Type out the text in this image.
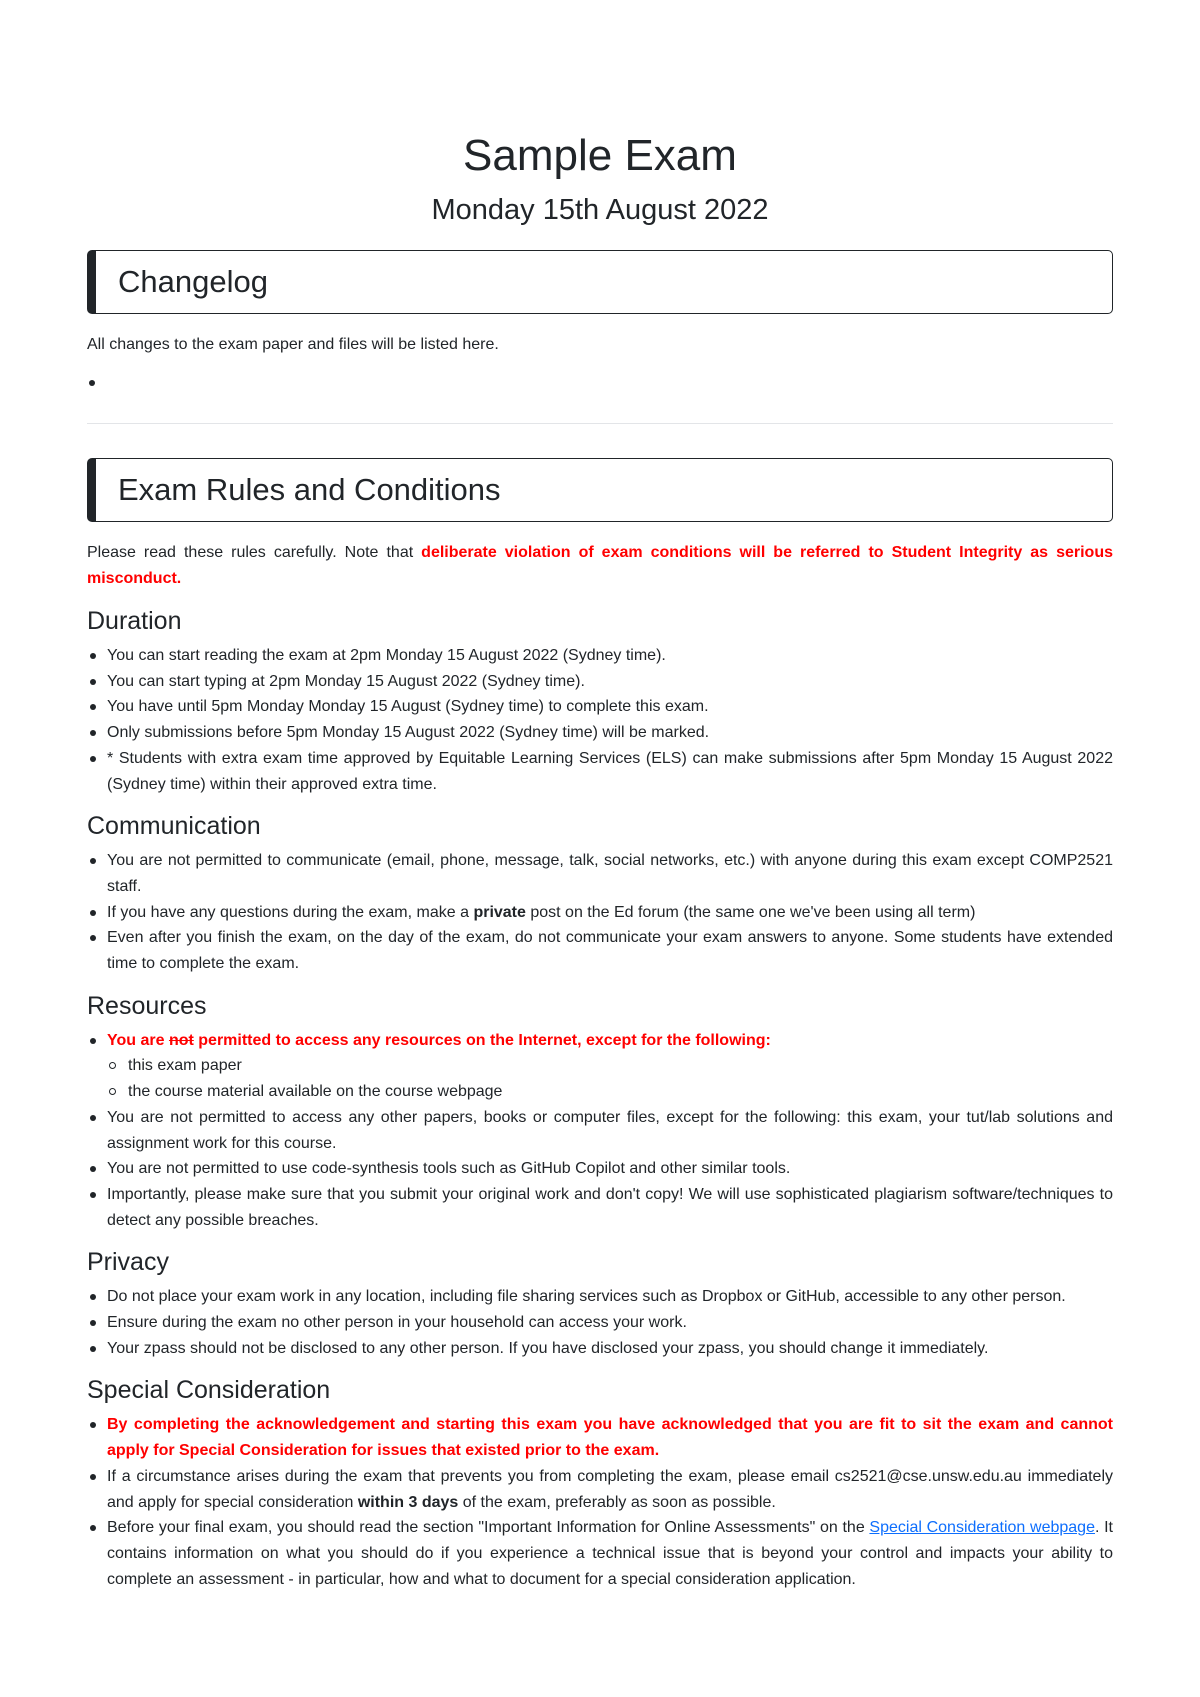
Sample Exam
Monday 15th August 2022
Changelog

All changes to the exam paper and files will be listed here.

Exam Rules and Conditions

Please read these rules carefully. Note that deliberate violation of exam conditions will be referred to Student Integrity as serious misconduct.

Duration
You can start reading the exam at 2pm Monday 15 August 2022 (Sydney time).
You can start typing at 2pm Monday 15 August 2022 (Sydney time).
You have until 5pm Monday Monday 15 August (Sydney time) to complete this exam.
Only submissions before 5pm Monday 15 August 2022 (Sydney time) will be marked.
* Students with extra exam time approved by Equitable Learning Services (ELS) can make submissions after 5pm Monday 15 August 2022 (Sydney time) within their approved extra time.
Communication
You are not permitted to communicate (email, phone, message, talk, social networks, etc.) with anyone during this exam except COMP2521 staff.
If you have any questions during the exam, make a private post on the Ed forum (the same one we've been using all term)
Even after you finish the exam, on the day of the exam, do not communicate your exam answers to anyone. Some students have extended time to complete the exam.
Resources
You are not permitted to access any resources on the Internet, except for the following:
this exam paper
the course material available on the course webpage
You are not permitted to access any other papers, books or computer files, except for the following: this exam, your tut/lab solutions and assignment work for this course.
You are not permitted to use code-synthesis tools such as GitHub Copilot and other similar tools.
Importantly, please make sure that you submit your original work and don't copy! We will use sophisticated plagiarism software/techniques to detect any possible breaches.
Privacy
Do not place your exam work in any location, including file sharing services such as Dropbox or GitHub, accessible to any other person.
Ensure during the exam no other person in your household can access your work.
Your zpass should not be disclosed to any other person. If you have disclosed your zpass, you should change it immediately.
Special Consideration
By completing the acknowledgement and starting this exam you have acknowledged that you are fit to sit the exam and cannot apply for Special Consideration for issues that existed prior to the exam.
If a circumstance arises during the exam that prevents you from completing the exam, please email cs2521@cse.unsw.edu.au immediately and apply for special consideration within 3 days of the exam, preferably as soon as possible.
Before your final exam, you should read the section "Important Information for Online Assessments" on the Special Consideration webpage. It contains information on what you should do if you experience a technical issue that is beyond your control and impacts your ability to complete an assessment - in particular, how and what to document for a special consideration application.
